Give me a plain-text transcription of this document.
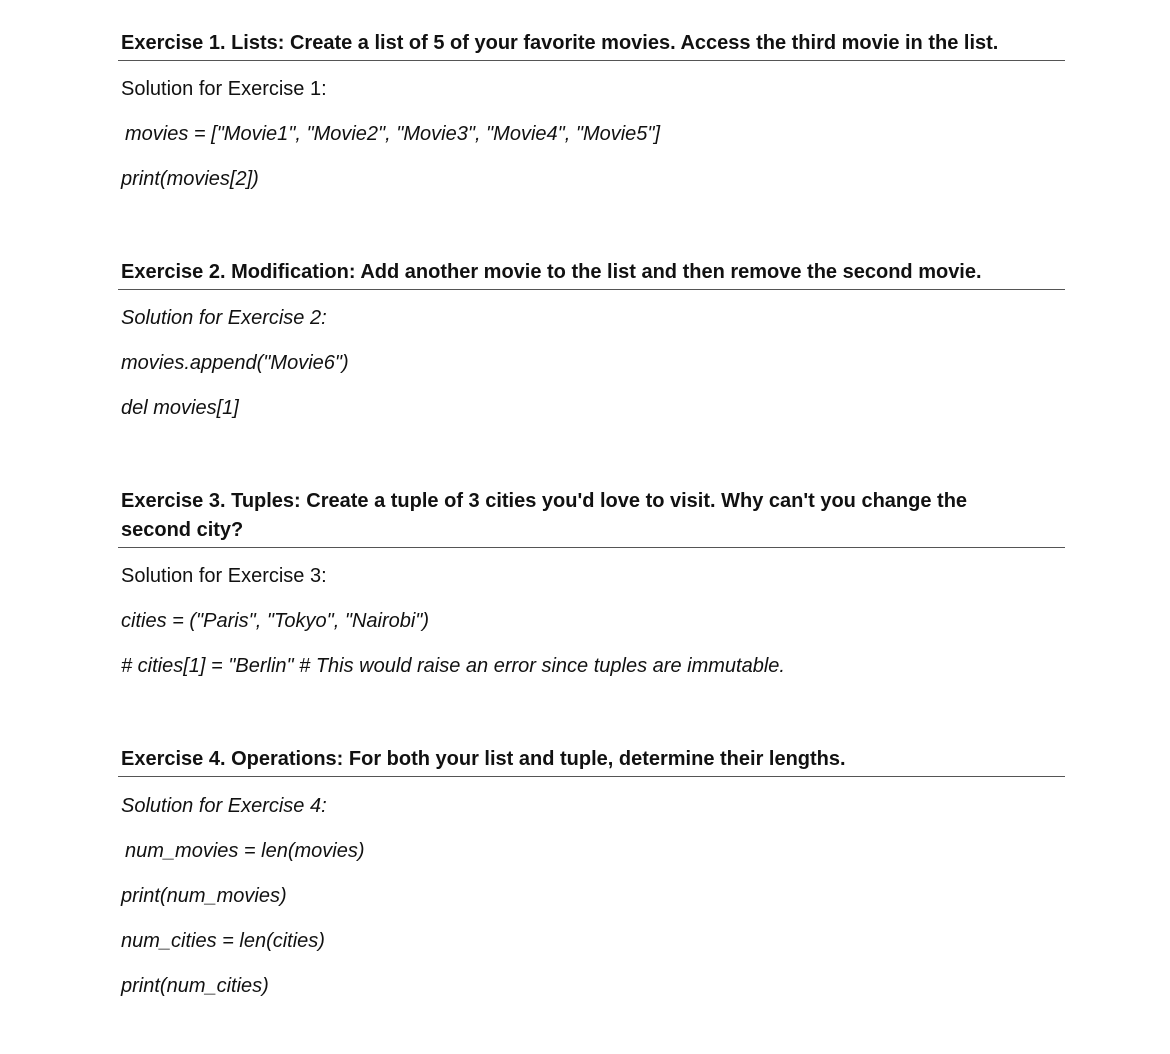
Exercise 1. Lists: Create a list of 5 of your favorite movies. Access the third movie in the list.

Solution for Exercise 1:

movies = ["Movie1", "Movie2", "Movie3", "Movie4", "Movie5"]

print(movies[2])

Exercise 2. Modification: Add another movie to the list and then remove the second movie.

Solution for Exercise 2:

movies.append("Movie6")

del movies[1]

Exercise 3. Tuples: Create a tuple of 3 cities you'd love to visit. Why can't you change the
second city?

Solution for Exercise 3:

cities = ("Paris", "Tokyo", "Nairobi")

# cities[1] = "Berlin" # This would raise an error since tuples are immutable.

Exercise 4. Operations: For both your list and tuple, determine their lengths.

Solution for Exercise 4:

num_movies = len(movies)

print(num_movies)

num_cities = len(cities)

print(num_cities)
